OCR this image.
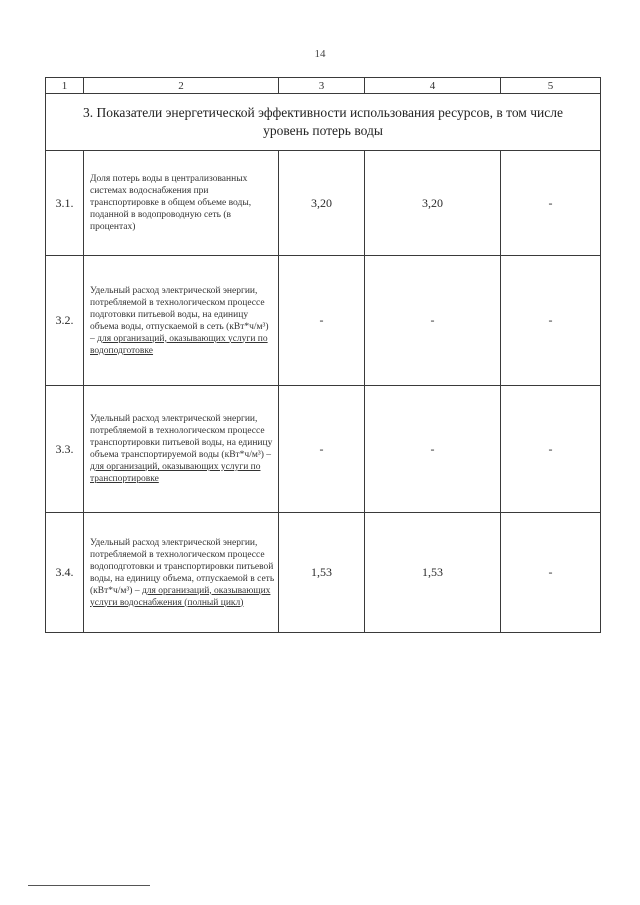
14
1	2	3	4	5
3. Показатели энергетической эффективности использования ресурсов, в том числе уровень потерь воды				
3.1.	Доля потерь воды в централизованных системах водоснабжения при транспортировке в общем объеме воды, поданной в водопроводную сеть (в процентах)	3,20	3,20	-
3.2.	Удельный расход электрической энергии, потребляемой в технологическом процессе подготовки питьевой воды, на единицу объема воды, отпускаемой в сеть (кВт*ч/м³) – для организаций, оказывающих услуги по водоподготовке	-	-	-
3.3.	Удельный расход электрической энергии, потребляемой в технологическом процессе транспортировки питьевой воды, на единицу объема транспортируемой воды (кВт*ч/м³) – для организаций, оказывающих услуги по транспортировке	-	-	-
3.4.	Удельный расход электрической энергии, потребляемой в технологическом процессе водоподготовки и транспортировки питьевой воды, на единицу объема, отпускаемой в сеть (кВт*ч/м³) – для организаций, оказывающих услуги водоснабжения (полный цикл)	1,53	1,53	-
